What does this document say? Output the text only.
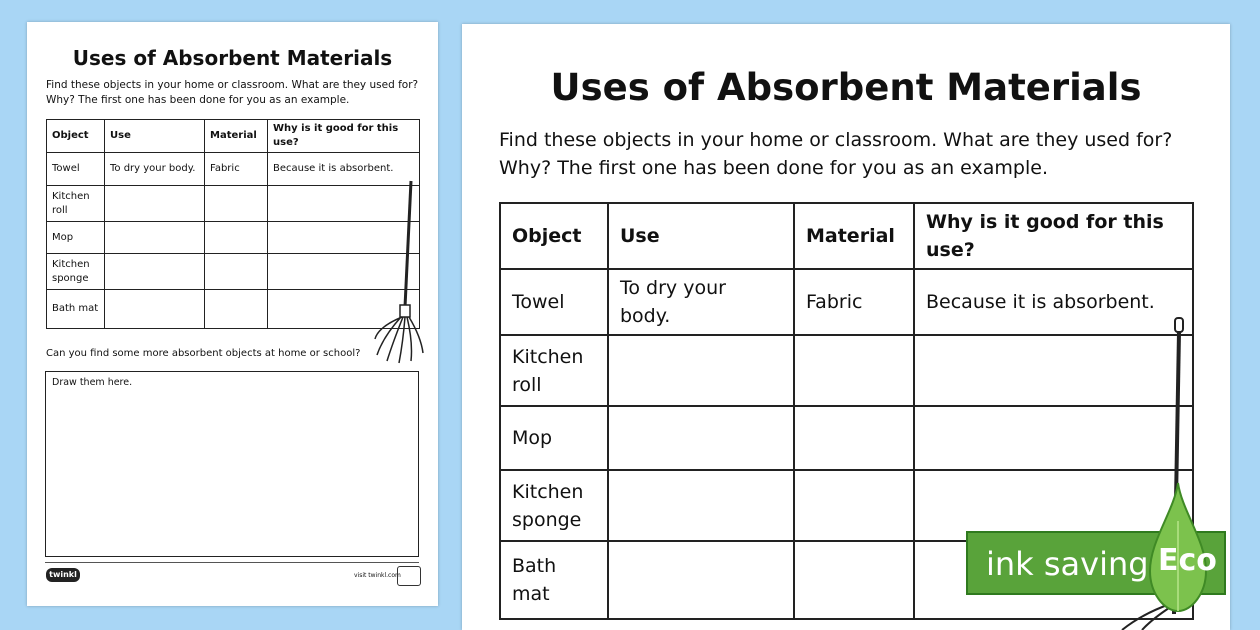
Uses of Absorbent Materials
Find these objects in your home or classroom. What are they used for?
Why? The first one has been done for you as an example.
Object	Use	Material	Why is it good for this use?
Towel	To dry your body.	Fabric	Because it is absorbent.
Kitchen roll			
Mop			
Kitchen sponge			
Bath mat			
Can you find some more absorbent objects at home or school?
Draw them here.
twinkl	visit twinkl.com
Uses of Absorbent Materials
Find these objects in your home or classroom. What are they used for?
Why? The first one has been done for you as an example.
Object	Use	Material	Why is it good for this use?
Towel	To dry your body.	Fabric	Because it is absorbent.
Kitchen roll			
Mop			
Kitchen sponge			
Bath mat			
ink saving Eco
